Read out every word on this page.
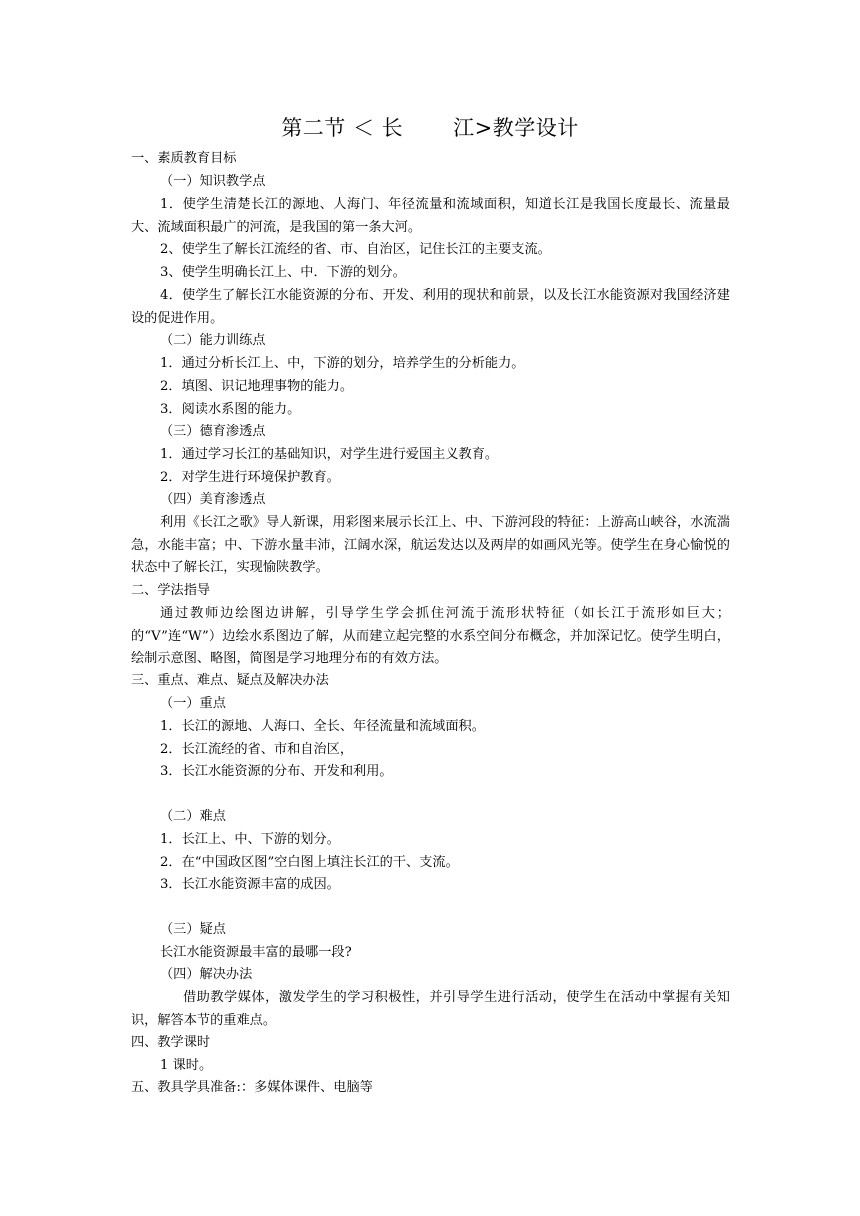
第二节 ＜ 长 江>教学设计
一、素质教育目标
（一）知识教学点
1．使学生清楚长江的源地、人海门、年径流量和流域面积，知道长江是我国长度最长、流量最大、流域面积最广的河流，是我国的第一条大河。
2、使学生了解长江流经的省、市、自治区，记住长江的主要支流。
3、使学生明确长江上、中．下游的划分。
4．使学生了解长江水能资源的分布、开发、利用的现状和前景，以及长江水能资源对我国经济建设的促进作用。
（二）能力训练点
1．通过分析长江上、中，下游的划分，培养学生的分析能力。
2．填图、识记地理事物的能力。
3．阅读水系图的能力。
（三）德育渗透点
1．通过学习长江的基础知识，对学生进行爱国主义教育。
2．对学生进行环境保护教育。
（四）美育渗透点
利用《长江之歌》导人新课，用彩图来展示长江上、中、下游河段的特征：上游高山峡谷，水流湍急，水能丰富；中、下游水量丰沛，江阔水深，航运发达以及两岸的如画风光等。使学生在身心愉悦的状态中了解长江，实现愉陕教学。
二、学法指导
通过教师边绘图边讲解，引导学生学会抓住河流于流形状特征（如长江于流形如巨大；的“V”连“W”）边绘水系图边了解，从而建立起完整的水系空间分布概念，并加深记忆。使学生明白，绘制示意图、略图，简图是学习地理分布的有效方法。
三、重点、难点、疑点及解决办法
（一）重点
1．长江的源地、人海口、全长、年径流量和流域面积。
2．长江流经的省、市和自治区，
3．长江水能资源的分布、开发和利用。
（二）难点
1．长江上、中、下游的划分。
2．在“中国政区图”空白图上填注长江的干、支流。
3．长江水能资源丰富的成因。
（三）疑点
长江水能资源最丰富的最哪一段?
（四）解决办法
借助教学媒体，激发学生的学习积极性，并引导学生进行活动，使学生在活动中掌握有关知识，解答本节的重难点。
四、教学课时
1 课时。
五、教具学具准备:：多媒体课件、电脑等
